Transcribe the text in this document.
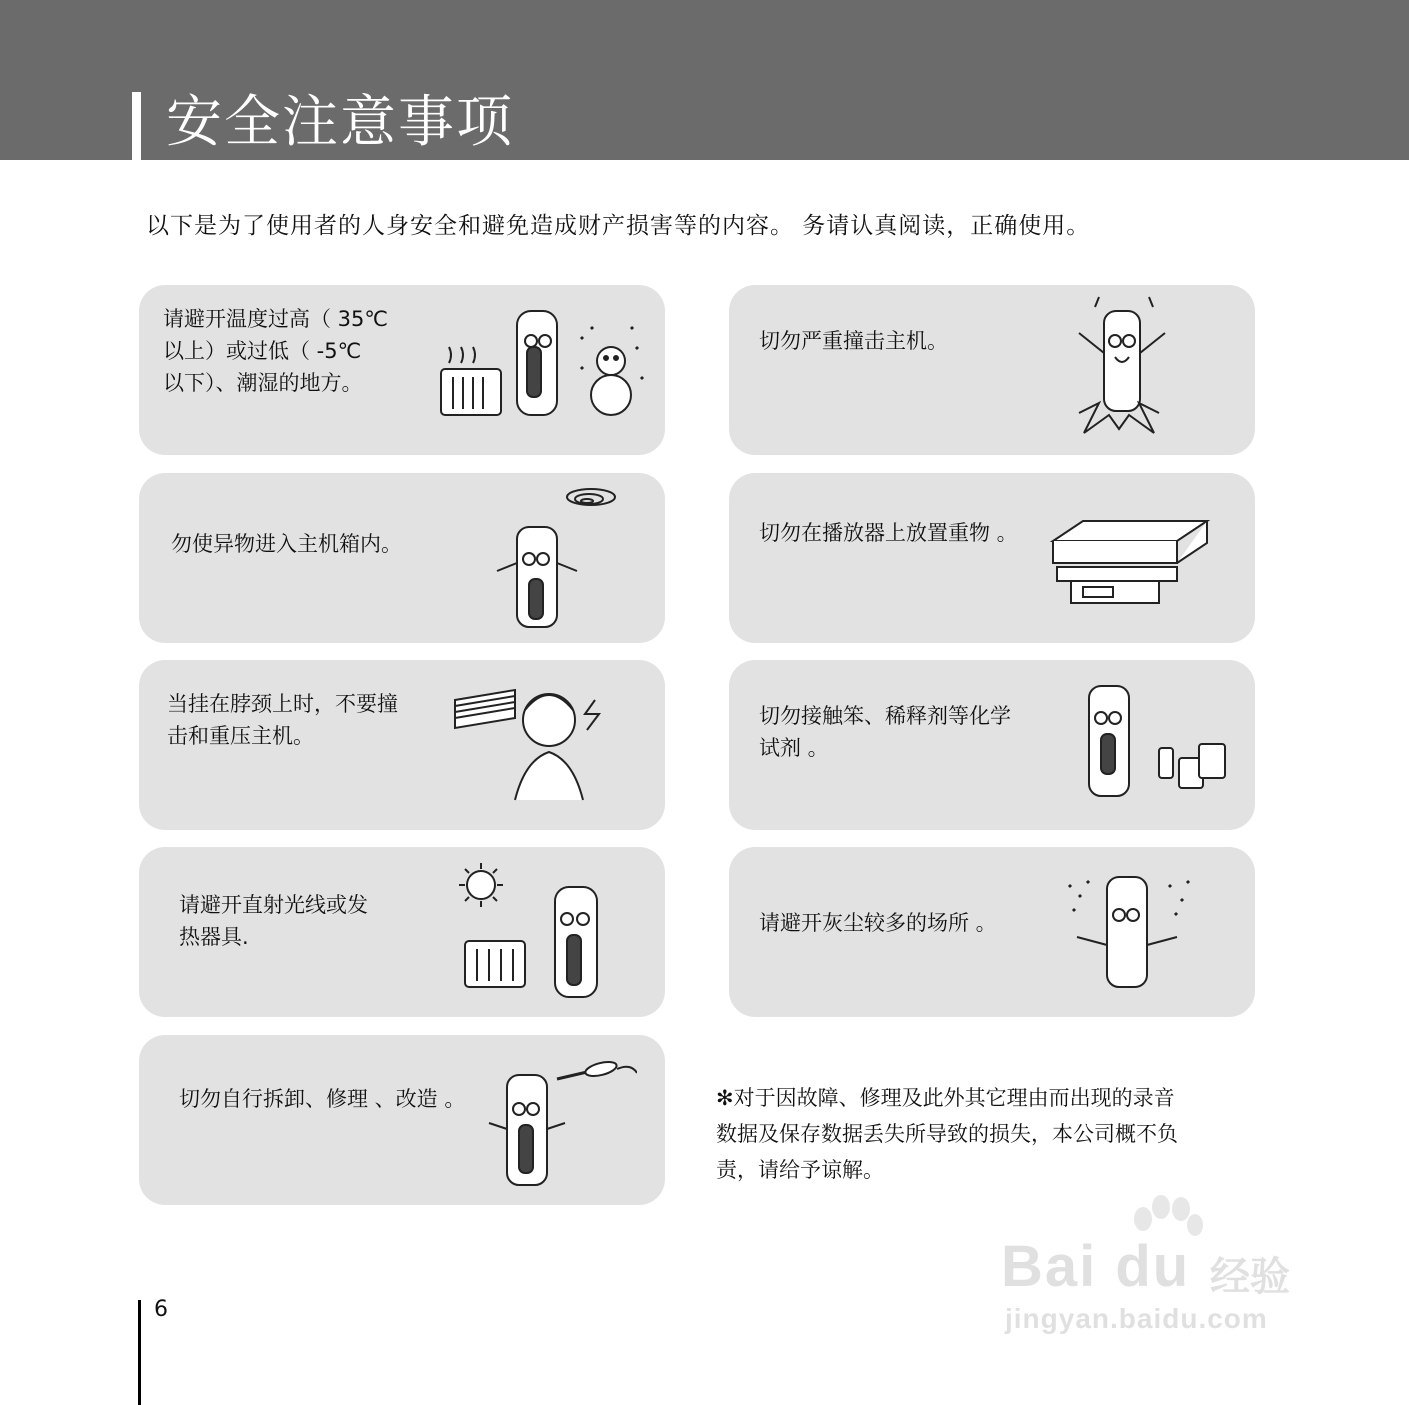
安全注意事项
以下是为了使用者的人身安全和避免造成财产损害等的内容。 务请认真阅读，正确使用。
请避开温度过高（ 35℃
以上）或过低（ -5℃
以下）、潮湿的地方。
切勿严重撞击主机。
勿使异物进入主机箱内。	切勿在播放器上放置重物 。
当挂在脖颈上时，不要撞
击和重压主机。
切勿接触笨、稀释剂等化学
试剂 。
请避开直射光线或发
热器具.
请避开灰尘较多的场所 。
切勿自行拆卸、修理 、改造 。	✻对于因故障、修理及此外其它理由而出现的录音
数据及保存数据丢失所导致的损失，本公司概不负
责，请给予谅解。
6
Bai du 经验
jingyan.baidu.com
